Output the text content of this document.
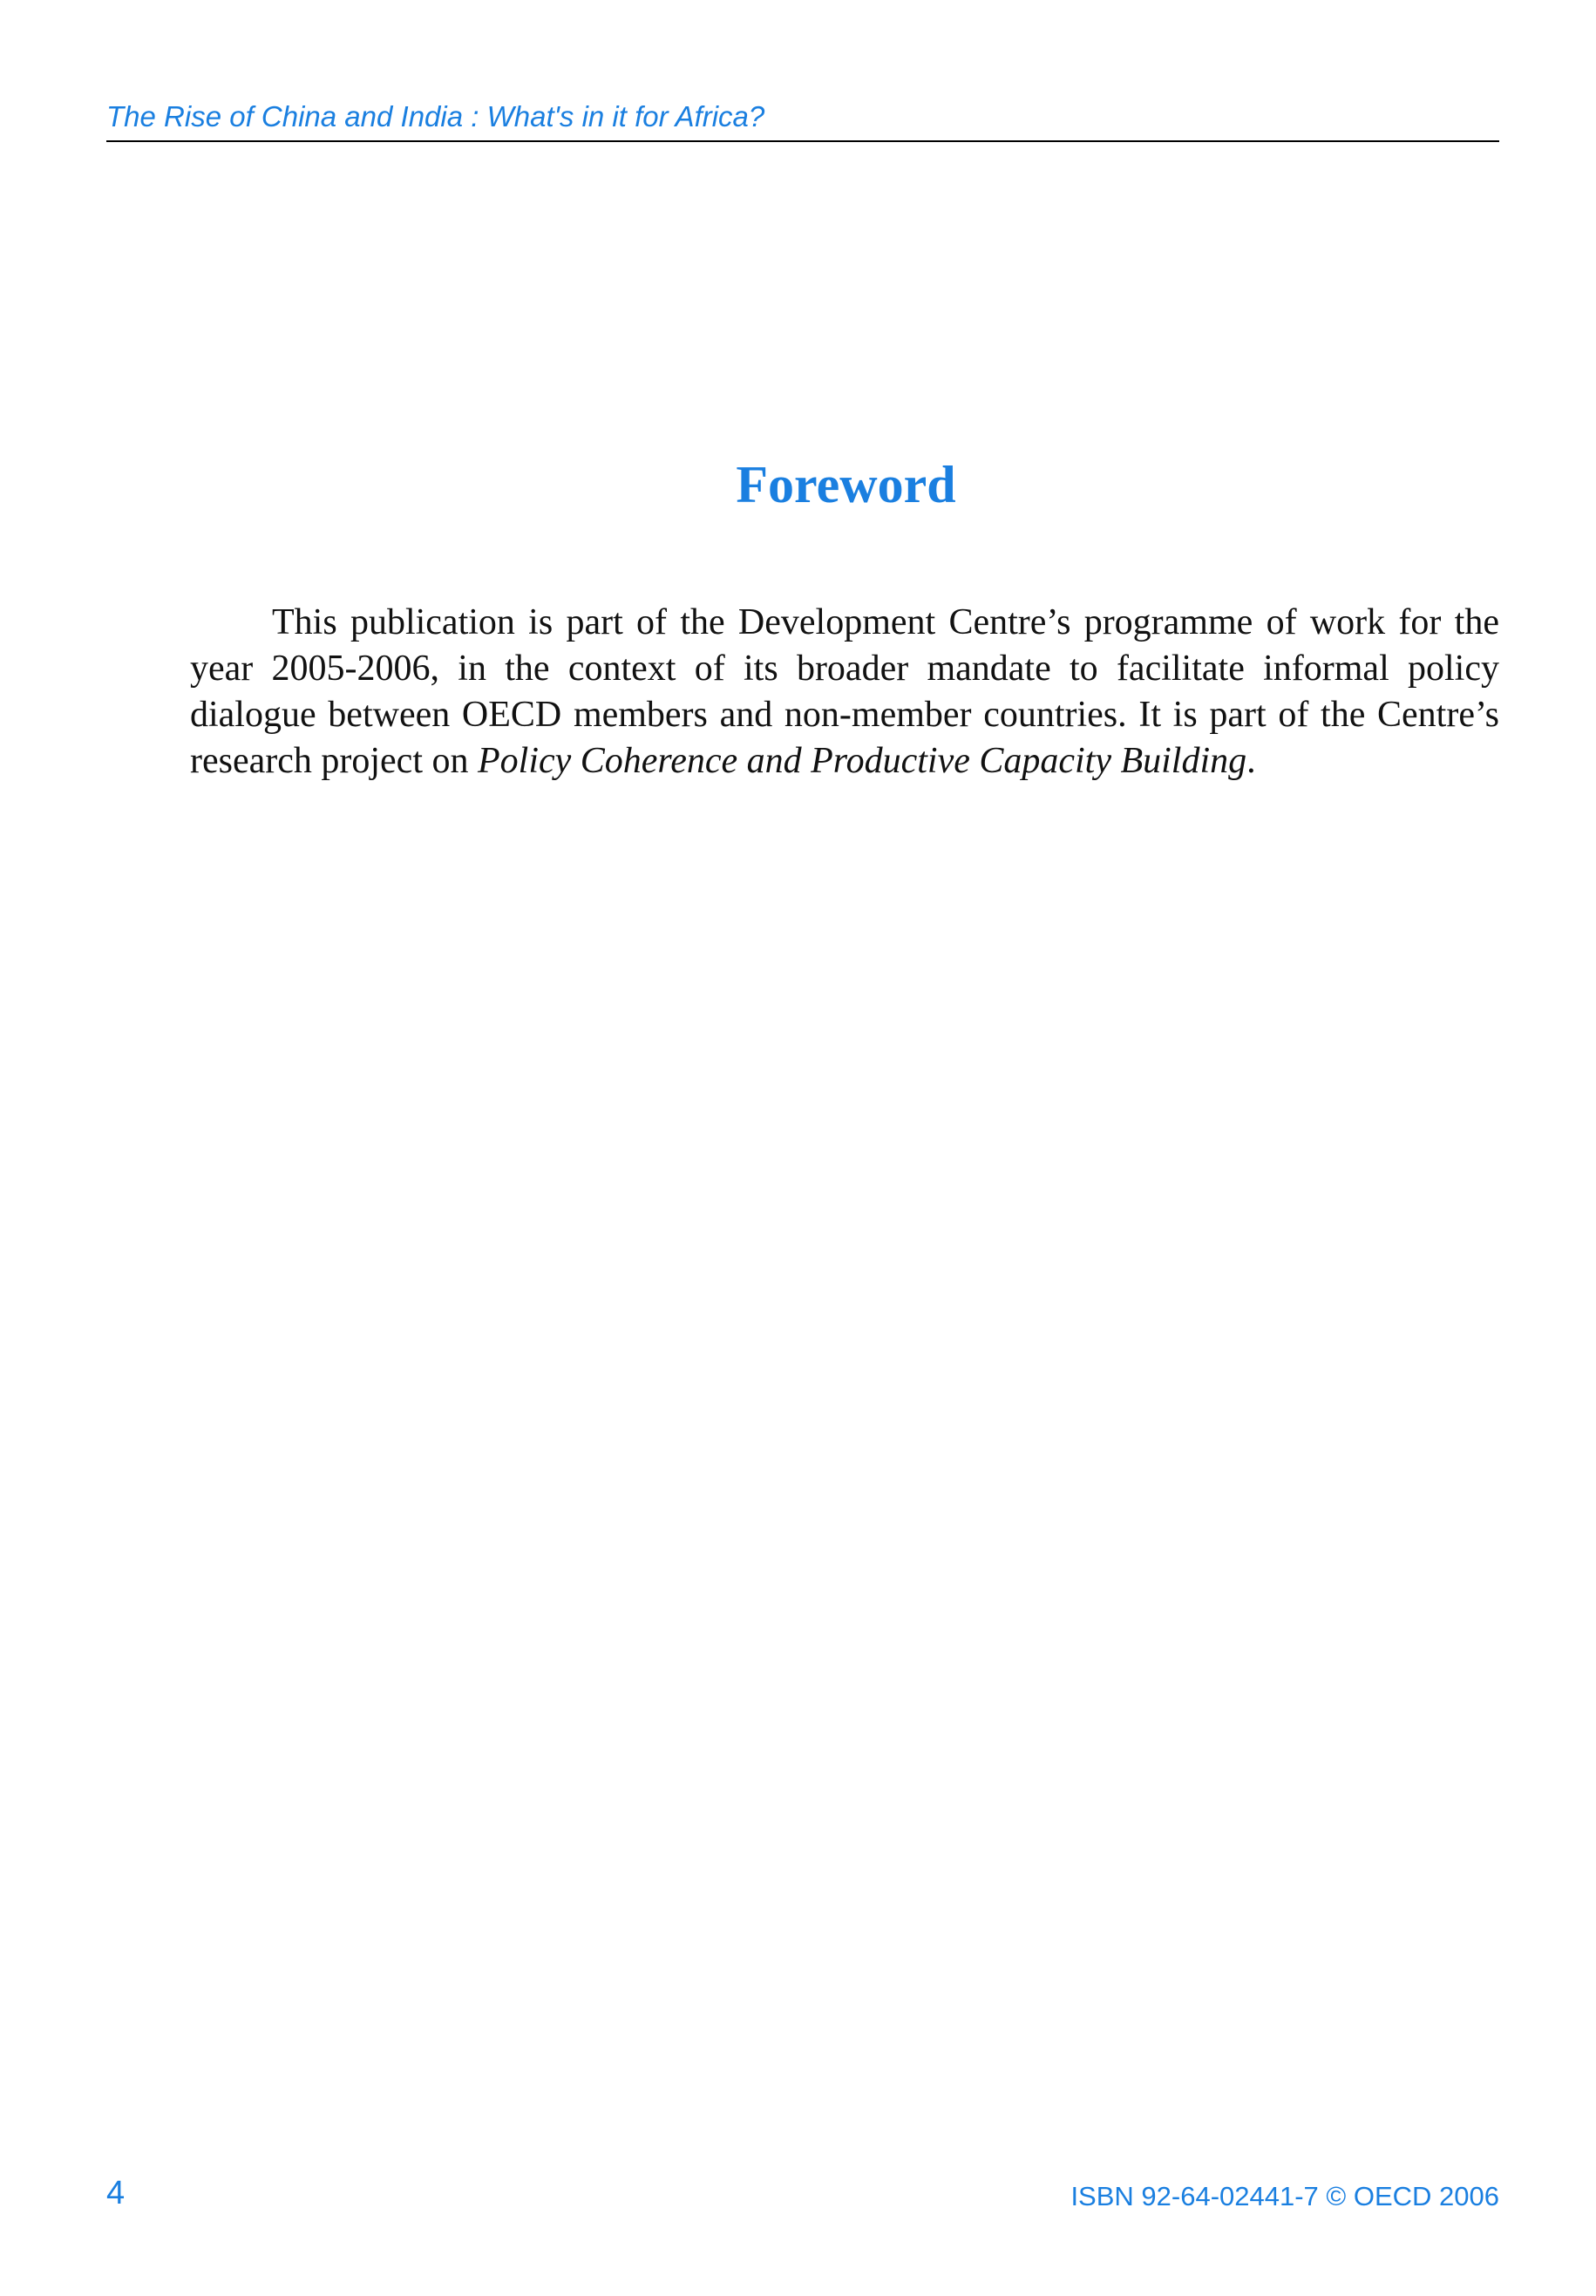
The Rise of China and India : What's in it for Africa?
Foreword

This publication is part of the Development Centre’s programme of work for the year 2005-2006, in the context of its broader mandate to facilitate informal policy dialogue between OECD members and non-member countries. It is part of the Centre’s research project on Policy Coherence and Productive Capacity Building.

4	ISBN 92-64-02441-7 © OECD 2006
